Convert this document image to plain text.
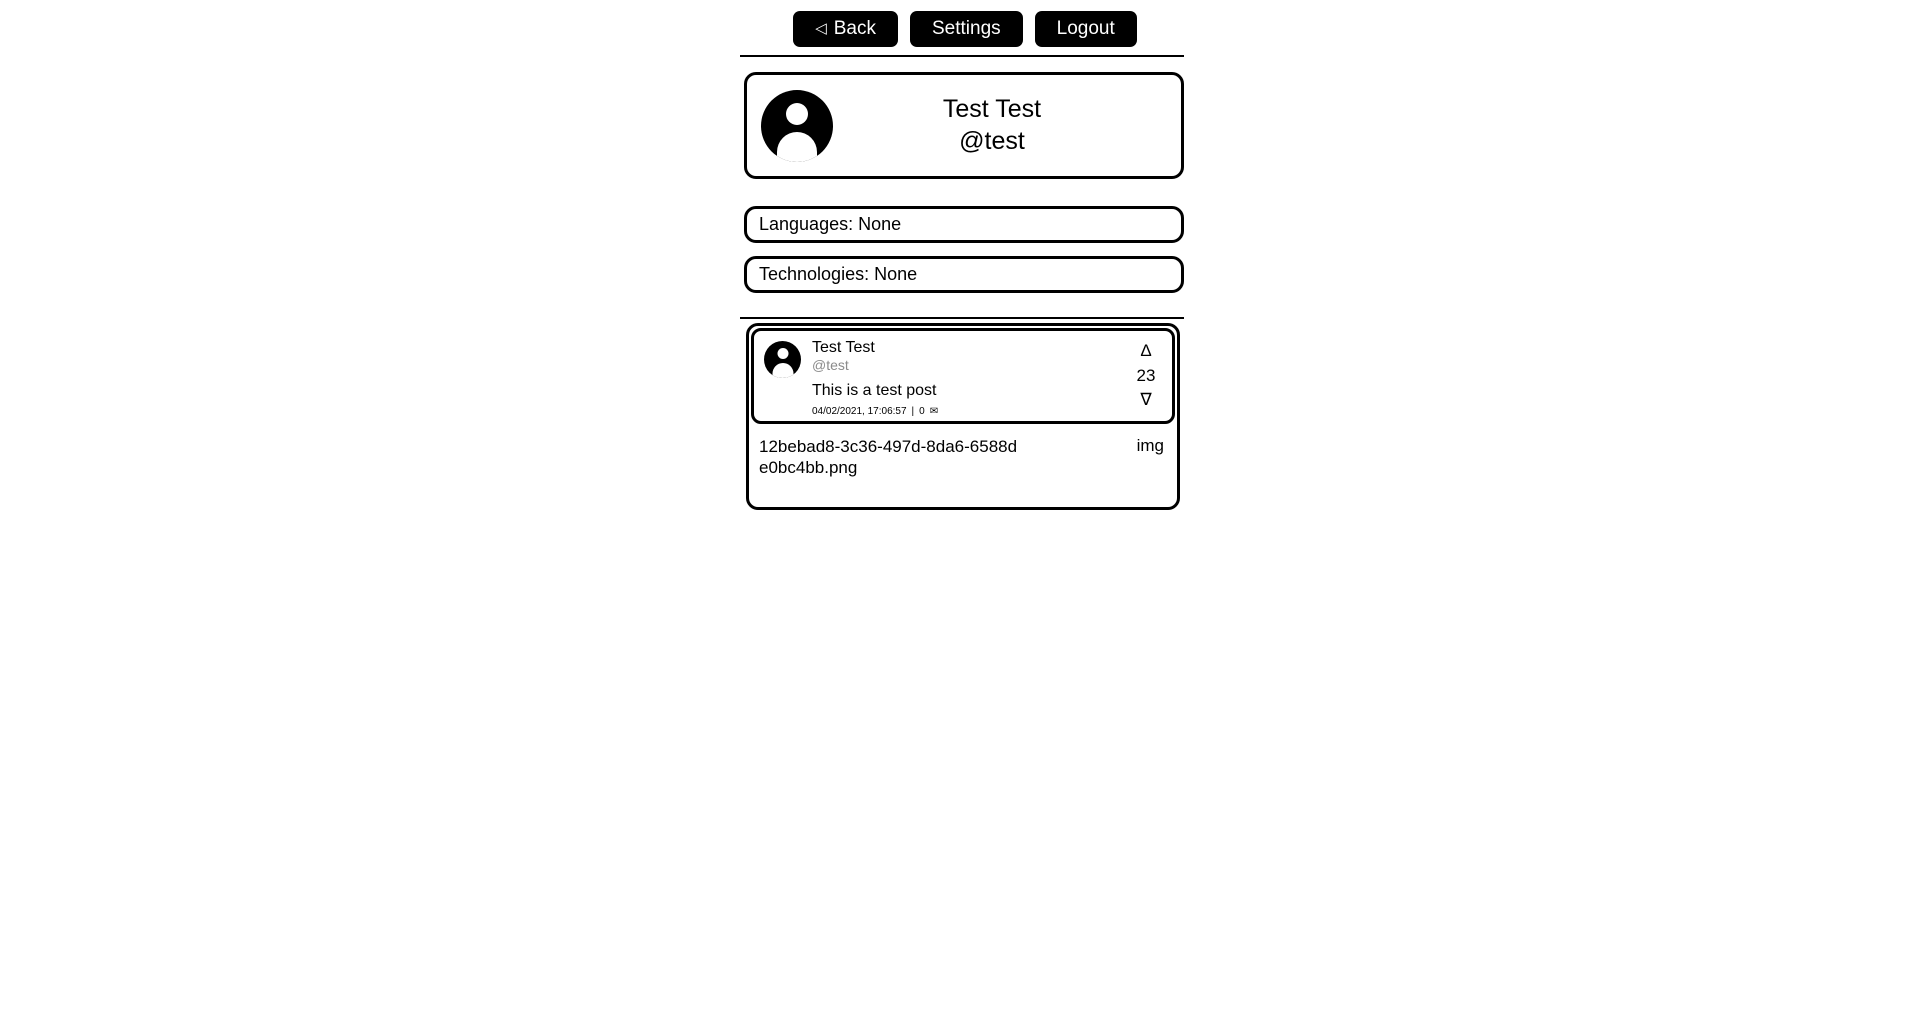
◁ Back	Settings	Logout
Test Test
@test
Languages: None
Technologies: None
Test Test
@test
This is a test post
04/02/2021, 17:06:57 | 0 ✉
Δ
23
∇
12bebad8-3c36-497d-8da6-6588de0bc4bb.png
img
